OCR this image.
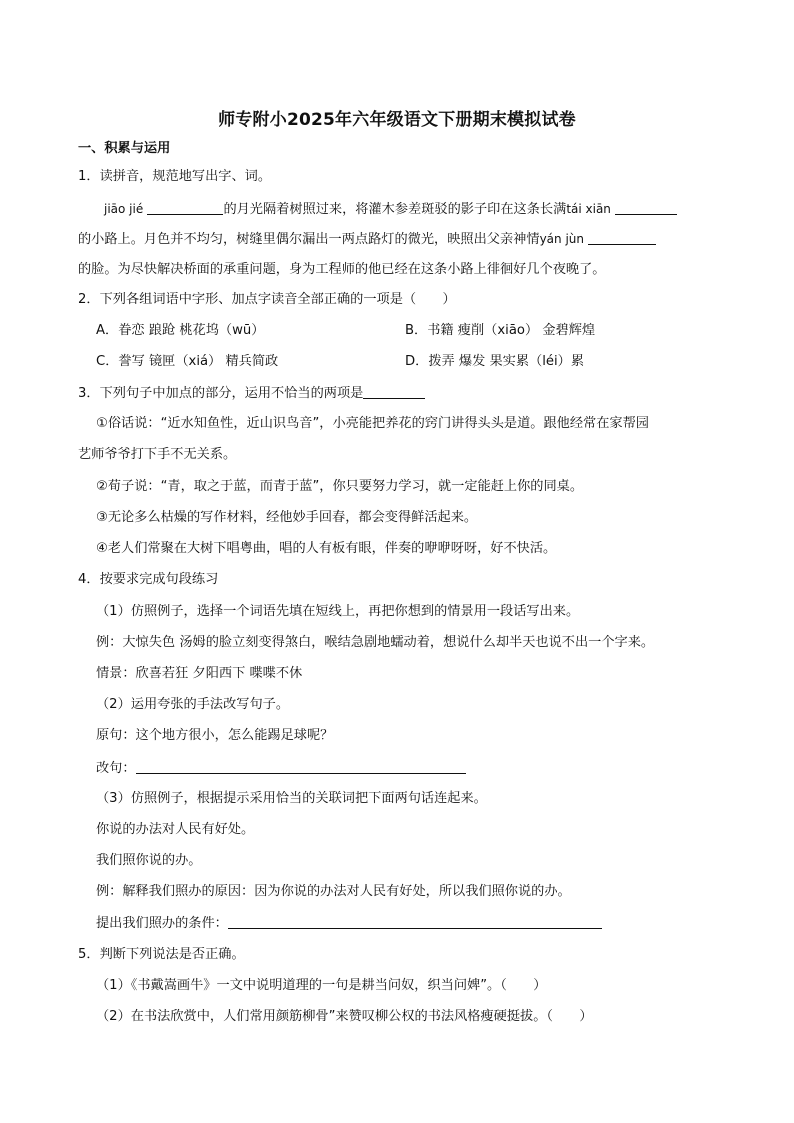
师专附小2025年六年级语文下册期末模拟试卷
一、积累与运用
1．读拼音，规范地写出字、词。
jiāo jié	的月光隔着树照过来，将灌木参差斑驳的影子印在这条长满tái xiān
的小路上。月色并不均匀，树缝里偶尔漏出一两点路灯的微光，映照出父亲神情yán jùn
的脸。为尽快解决桥面的承重问题，身为工程师的他已经在这条小路上徘徊好几个夜晚了。
2．下列各组词语中字形、加点字读音全部正确的一项是（　　）
A．眷恋 踉跄 桃花坞（wū）	B．书籍 瘦削（xiāo） 金碧辉煌
C．誊写 镜匣（xiá） 精兵简政	D．拨弄 爆发 果实累（léi）累
3．下列句子中加点的部分，运用不恰当的两项是
①俗话说：“近水知鱼性，近山识鸟音”，小亮能把养花的窍门讲得头头是道。跟他经常在家帮园
艺师爷爷打下手不无关系。
②荀子说：“青，取之于蓝，而青于蓝”，你只要努力学习，就一定能赶上你的同桌。
③无论多么枯燥的写作材料，经他妙手回春，都会变得鲜活起来。
④老人们常聚在大树下唱粤曲，唱的人有板有眼，伴奏的咿咿呀呀，好不快活。
4．按要求完成句段练习
（1）仿照例子，选择一个词语先填在短线上，再把你想到的情景用一段话写出来。
例：大惊失色 汤姆的脸立刻变得煞白，喉结急剧地蠕动着，想说什么却半天也说不出一个字来。
情景：欣喜若狂 夕阳西下 喋喋不休
（2）运用夸张的手法改写句子。
原句：这个地方很小，怎么能踢足球呢？
改句：
（3）仿照例子，根据提示采用恰当的关联词把下面两句话连起来。
你说的办法对人民有好处。
我们照你说的办。
例：解释我们照办的原因：因为你说的办法对人民有好处，所以我们照你说的办。
提出我们照办的条件：
5．判断下列说法是否正确。
（1）《书戴嵩画牛》一文中说明道理的一句是耕当问奴，织当问婢”。（　　）
（2）在书法欣赏中，人们常用颜筋柳骨”来赞叹柳公权的书法风格瘦硬挺拔。（　　）
